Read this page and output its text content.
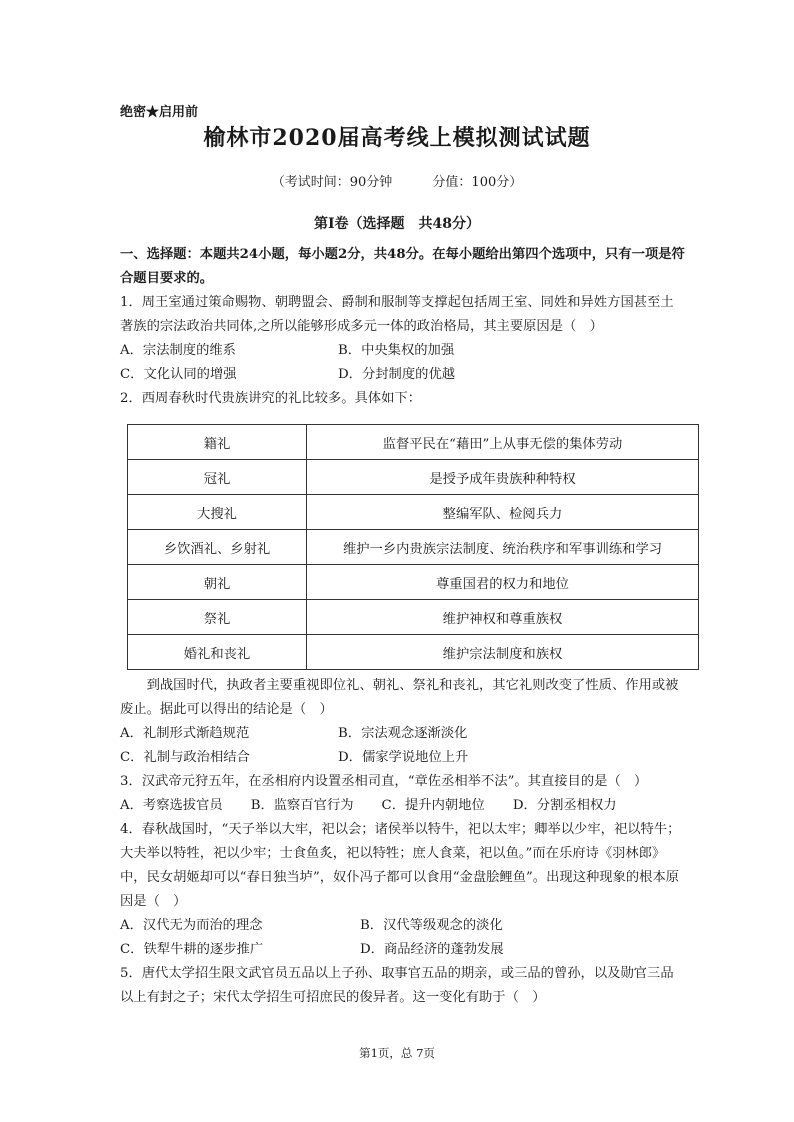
绝密★启用前
榆林市2020届高考线上模拟测试试题
（考试时间：90分钟	分值：100分）
第Ⅰ卷（选择题　共48分）

一、选择题：本题共24小题，每小题2分，共48分。在每小题给出第四个选项中，只有一项是符合题目要求的。

1．周王室通过策命赐物、朝聘盟会、爵制和服制等支撑起包括周王室、同姓和异姓方国甚至土著族的宗法政治共同体,之所以能够形成多元一体的政治格局，其主要原因是（　）

A．宗法制度的维系	B．中央集权的加强
C．文化认同的增强	D．分封制度的优越

2．西周春秋时代贵族讲究的礼比较多。具体如下：

籍礼	监督平民在“藉田”上从事无偿的集体劳动
冠礼	是授予成年贵族种种特权
大搜礼	整编军队、检阅兵力
乡饮酒礼、乡射礼	维护一乡内贵族宗法制度、统治秩序和军事训练和学习
朝礼	尊重国君的权力和地位
祭礼	维护神权和尊重族权
婚礼和丧礼	维护宗法制度和族权

到战国时代，执政者主要重视即位礼、朝礼、祭礼和丧礼，其它礼则改变了性质、作用或被废止。据此可以得出的结论是（　）

A．礼制形式渐趋规范	B．宗法观念逐渐淡化
C．礼制与政治相结合	D．儒家学说地位上升

3．汉武帝元狩五年，在丞相府内设置丞相司直，“章佐丞相举不法”。其直接目的是（　）

A．考察选拔官员 B．监察百官行为 C．提升内朝地位 D．分割丞相权力

4．春秋战国时，“天子举以大牢，祀以会；诸侯举以特牛，祀以太牢；卿举以少牢，祀以特牛；大夫举以特牲，祀以少牢；士食鱼炙，祀以特牲；庶人食菜，祀以鱼。”而在乐府诗《羽林郎》中，民女胡姬却可以“春日独当垆”，奴仆冯子都可以食用“金盘脍鲤鱼”。出现这种现象的根本原因是（　）

A．汉代无为而治的理念	B．汉代等级观念的淡化
C．铁犁牛耕的逐步推广	D．商品经济的蓬勃发展

5．唐代太学招生限文武官员五品以上子孙、取事官五品的期亲，或三品的曾孙，以及勋官三品以上有封之子；宋代太学招生可招庶民的俊异者。这一变化有助于（　）

第1页，总 7页
